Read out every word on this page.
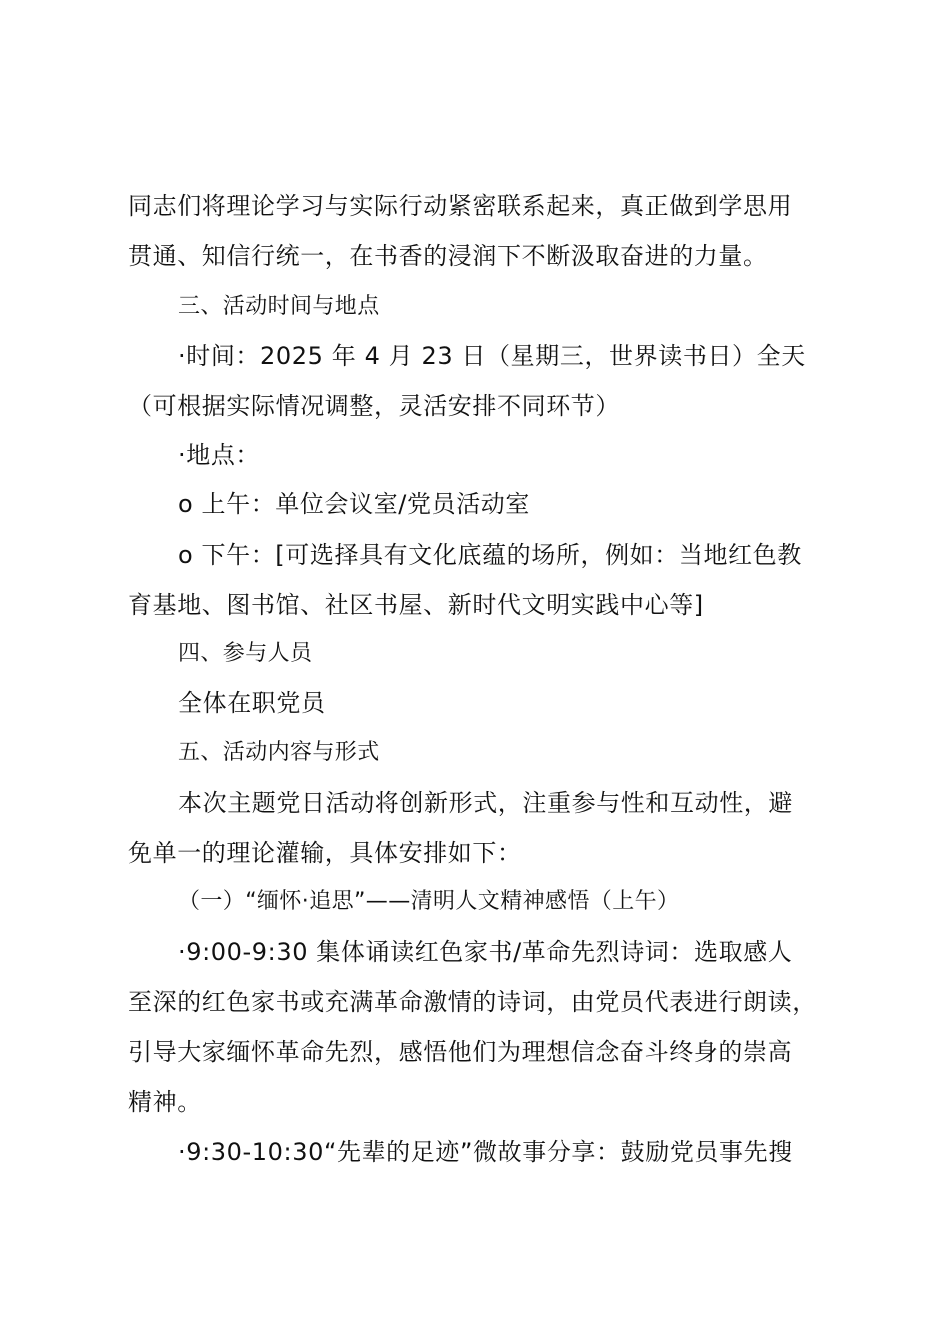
同志们将理论学习与实际行动紧密联系起来，真正做到学思用
贯通、知信行统一，在书香的浸润下不断汲取奋进的力量。
三、活动时间与地点
·时间：2025 年 4 月 23 日（星期三，世界读书日）全天
（可根据实际情况调整，灵活安排不同环节）
·地点：
o 上午：单位会议室/党员活动室
o 下午：[可选择具有文化底蕴的场所，例如：当地红色教
育基地、图书馆、社区书屋、新时代文明实践中心等]
四、参与人员
全体在职党员
五、活动内容与形式
本次主题党日活动将创新形式，注重参与性和互动性，避
免单一的理论灌输，具体安排如下：
（一）“缅怀·追思”——清明人文精神感悟（上午）
·9:00-9:30 集体诵读红色家书/革命先烈诗词：选取感人
至深的红色家书或充满革命激情的诗词，由党员代表进行朗读，
引导大家缅怀革命先烈，感悟他们为理想信念奋斗终身的崇高
精神。
·9:30-10:30“先辈的足迹”微故事分享：鼓励党员事先搜
